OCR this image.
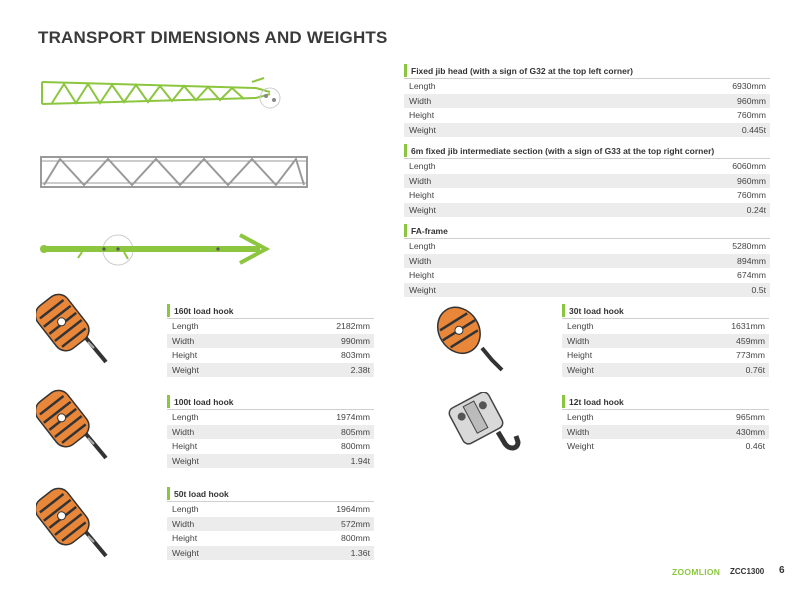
TRANSPORT DIMENSIONS AND WEIGHTS
Fixed jib head (with a sign of G32 at the top left corner)
Length	6930mm
Width	960mm
Height	760mm
Weight	0.445t
6m fixed jib intermediate section (with a sign of G33 at the top right corner)
Length	6060mm
Width	960mm
Height	760mm
Weight	0.24t
FA-frame
Length	5280mm
Width	894mm
Height	674mm
Weight	0.5t
160t load hook
Length	2182mm
Width	990mm
Height	803mm
Weight	2.38t
100t load hook
Length	1974mm
Width	805mm
Height	800mm
Weight	1.94t
50t load hook
Length	1964mm
Width	572mm
Height	800mm
Weight	1.36t
30t load hook
Length	1631mm
Width	459mm
Height	773mm
Weight	0.76t
12t load hook
Length	965mm
Width	430mm
Weight	0.46t
ZOOMLION ZCC1300 6
